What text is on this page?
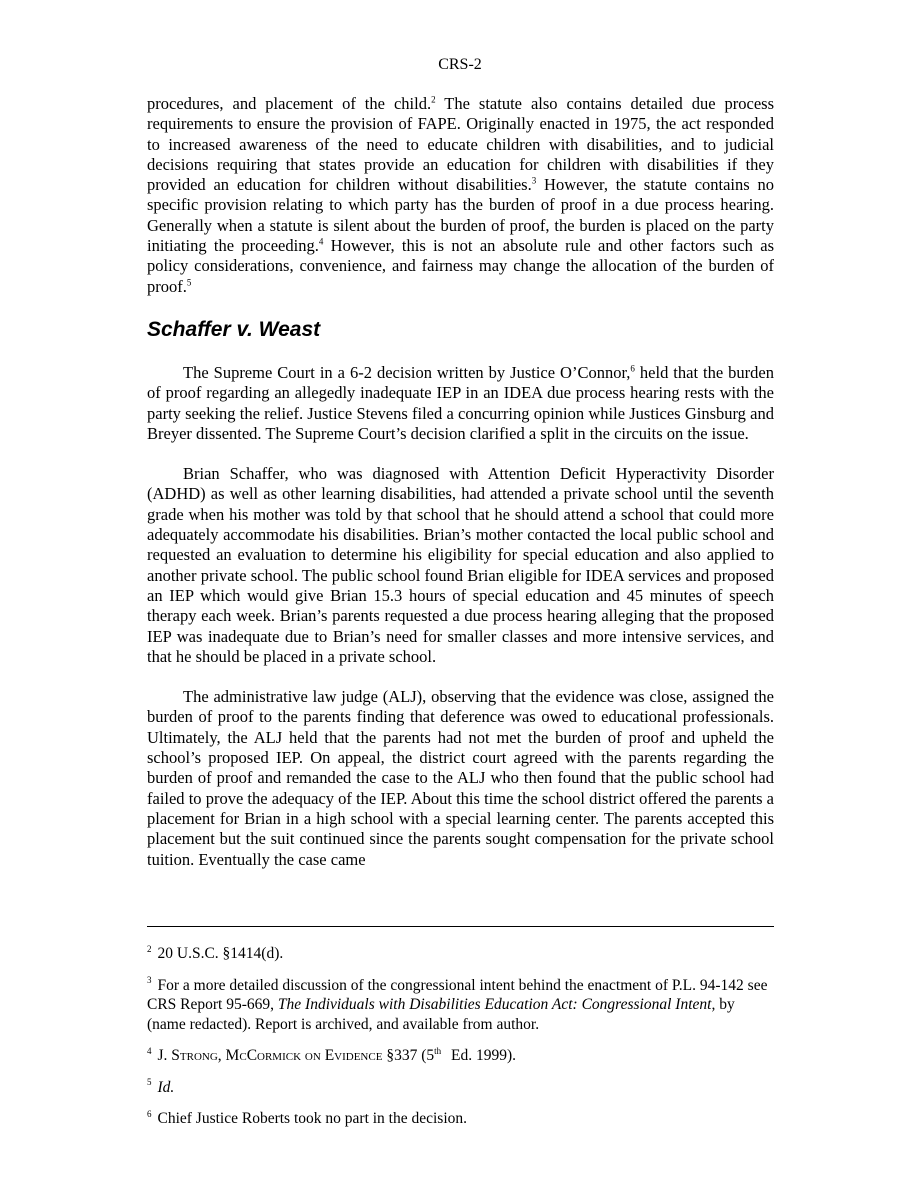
CRS-2

procedures, and placement of the child.$^2$ The statute also contains detailed due process requirements to ensure the provision of FAPE. Originally enacted in 1975, the act responded to increased awareness of the need to educate children with disabilities, and to judicial decisions requiring that states provide an education for children with disabilities if they provided an education for children without disabilities.$^3$ However, the statute contains no specific provision relating to which party has the burden of proof in a due process hearing. Generally when a statute is silent about the burden of proof, the burden is placed on the party initiating the proceeding.$^4$ However, this is not an absolute rule and other factors such as policy considerations, convenience, and fairness may change the allocation of the burden of proof.$^5$

Schaffer v. Weast

The Supreme Court in a 6-2 decision written by Justice O’Connor,$^6$ held that the burden of proof regarding an allegedly inadequate IEP in an IDEA due process hearing rests with the party seeking the relief. Justice Stevens filed a concurring opinion while Justices Ginsburg and Breyer dissented. The Supreme Court’s decision clarified a split in the circuits on the issue.

Brian Schaffer, who was diagnosed with Attention Deficit Hyperactivity Disorder (ADHD) as well as other learning disabilities, had attended a private school until the seventh grade when his mother was told by that school that he should attend a school that could more adequately accommodate his disabilities. Brian’s mother contacted the local public school and requested an evaluation to determine his eligibility for special education and also applied to another private school. The public school found Brian eligible for IDEA services and proposed an IEP which would give Brian 15.3 hours of special education and 45 minutes of speech therapy each week. Brian’s parents requested a due process hearing alleging that the proposed IEP was inadequate due to Brian’s need for smaller classes and more intensive services, and that he should be placed in a private school.

The administrative law judge (ALJ), observing that the evidence was close, assigned the burden of proof to the parents finding that deference was owed to educational professionals. Ultimately, the ALJ held that the parents had not met the burden of proof and upheld the school’s proposed IEP. On appeal, the district court agreed with the parents regarding the burden of proof and remanded the case to the ALJ who then found that the public school had failed to prove the adequacy of the IEP. About this time the school district offered the parents a placement for Brian in a high school with a special learning center. The parents accepted this placement but the suit continued since the parents sought compensation for the private school tuition. Eventually the case came

$^2$ 20 U.S.C. §1414(d).
$^3$ For a more detailed discussion of the congressional intent behind the enactment of P.L. 94-142 see CRS Report 95-669, The Individuals with Disabilities Education Act: Congressional Intent, by (name redacted). Report is archived, and available from author.
$^4$ J. Strong, McCormick on Evidence §337 (5th Ed. 1999).
$^5$ Id.
$^6$ Chief Justice Roberts took no part in the decision.
